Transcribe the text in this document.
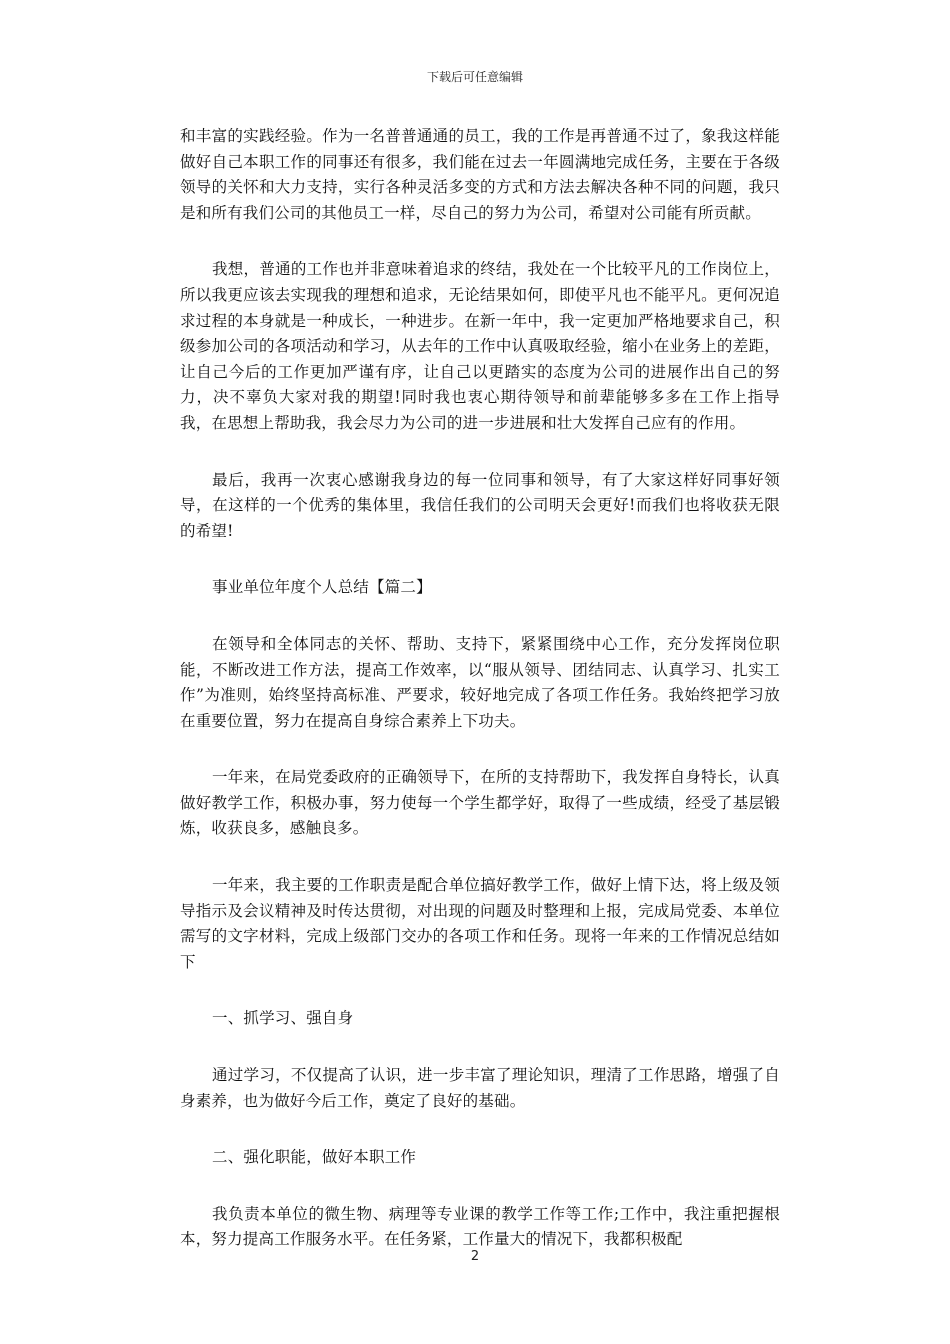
下载后可任意编辑

和丰富的实践经验。作为一名普普通通的员工，我的工作是再普通不过了，象我这样能做好自己本职工作的同事还有很多，我们能在过去一年圆满地完成任务，主要在于各级领导的关怀和大力支持，实行各种灵活多变的方式和方法去解决各种不同的问题，我只是和所有我们公司的其他员工一样，尽自己的努力为公司，希望对公司能有所贡献。

我想，普通的工作也并非意味着追求的终结，我处在一个比较平凡的工作岗位上，所以我更应该去实现我的理想和追求，无论结果如何，即使平凡也不能平凡。更何况追求过程的本身就是一种成长，一种进步。在新一年中，我一定更加严格地要求自己，积级参加公司的各项活动和学习，从去年的工作中认真吸取经验，缩小在业务上的差距，让自己今后的工作更加严谨有序，让自己以更踏实的态度为公司的进展作出自己的努力，决不辜负大家对我的期望!同时我也衷心期待领导和前辈能够多多在工作上指导我，在思想上帮助我，我会尽力为公司的进一步进展和壮大发挥自己应有的作用。

最后，我再一次衷心感谢我身边的每一位同事和领导，有了大家这样好同事好领导，在这样的一个优秀的集体里，我信任我们的公司明天会更好!而我们也将收获无限的希望!

事业单位年度个人总结【篇二】

在领导和全体同志的关怀、帮助、支持下，紧紧围绕中心工作，充分发挥岗位职能，不断改进工作方法，提高工作效率，以“服从领导、团结同志、认真学习、扎实工作”为准则，始终坚持高标准、严要求，较好地完成了各项工作任务。我始终把学习放在重要位置，努力在提高自身综合素养上下功夫。

一年来，在局党委政府的正确领导下，在所的支持帮助下，我发挥自身特长，认真做好教学工作，积极办事，努力使每一个学生都学好，取得了一些成绩，经受了基层锻炼，收获良多，感触良多。

一年来，我主要的工作职责是配合单位搞好教学工作，做好上情下达，将上级及领导指示及会议精神及时传达贯彻，对出现的问题及时整理和上报，完成局党委、本单位需写的文字材料，完成上级部门交办的各项工作和任务。现将一年来的工作情况总结如下

一、抓学习、强自身

通过学习，不仅提高了认识，进一步丰富了理论知识，理清了工作思路，增强了自身素养，也为做好今后工作，奠定了良好的基础。

二、强化职能，做好本职工作

我负责本单位的微生物、病理等专业课的教学工作等工作;工作中，我注重把握根本，努力提高工作服务水平。在任务紧，工作量大的情况下，我都积极配

2
